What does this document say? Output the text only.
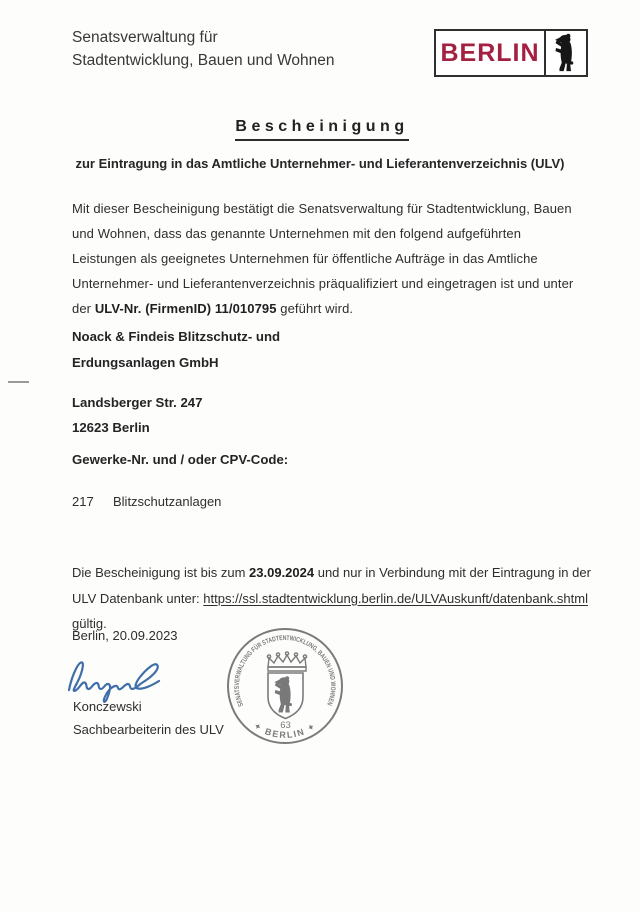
Senatsverwaltung für
Stadtentwicklung, Bauen und Wohnen	BERLIN
Bescheinigung
zur Eintragung in das Amtliche Unternehmer- und Lieferantenverzeichnis (ULV)

Mit dieser Bescheinigung bestätigt die Senatsverwaltung für Stadtentwicklung, Bauen und Wohnen, dass das genannte Unternehmen mit den folgend aufgeführten Leistungen als geeignetes Unternehmen für öffentliche Aufträge in das Amtliche Unternehmer- und Lieferantenverzeichnis präqualifiziert und eingetragen ist und unter der ULV-Nr. (FirmenID) 11/010795 geführt wird.

Noack & Findeis Blitzschutz- und
Erdungsanlagen GmbH
Landsberger Str. 247
12623 Berlin
Gewerke-Nr. und / oder CPV-Code:
217 Blitzschutzanlagen

Die Bescheinigung ist bis zum 23.09.2024 und nur in Verbindung mit der Eintragung in der ULV Datenbank unter: https://ssl.stadtentwicklung.berlin.de/ULVAuskunft/datenbank.shtml gültig.

Berlin, 20.09.2023
Konczewski
Sachbearbeiterin des ULV
SENATSVERWALTUNG FÜR STADTENTWICKLUNG, BAUEN UND WOHNEN
✦ BERLIN ✦
63
